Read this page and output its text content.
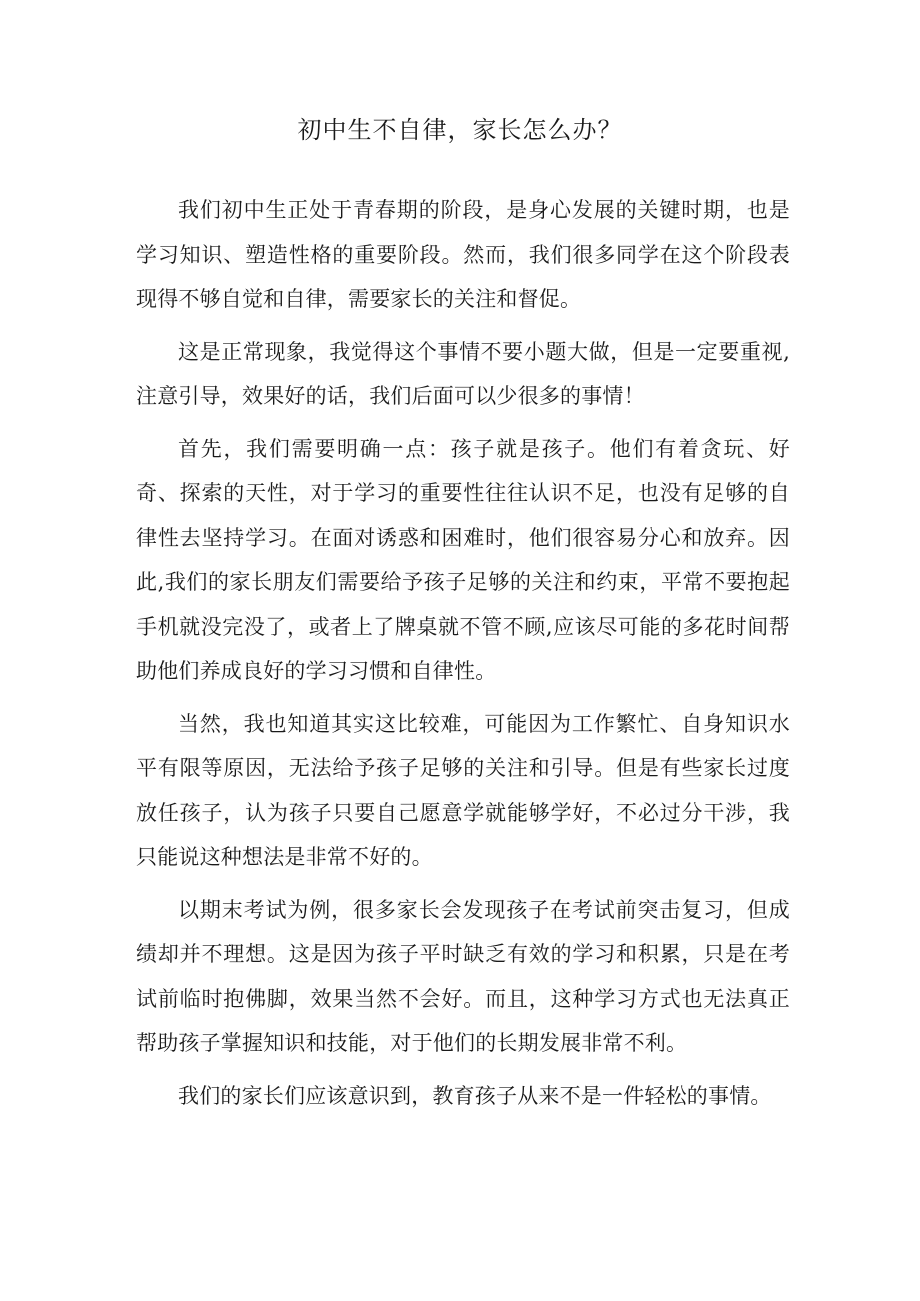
初中生不自律，家长怎么办？

我们初中生正处于青春期的阶段，是身心发展的关键时期，也是学习知识、塑造性格的重要阶段。然而，我们很多同学在这个阶段表现得不够自觉和自律，需要家长的关注和督促。

这是正常现象，我觉得这个事情不要小题大做，但是一定要重视,注意引导，效果好的话，我们后面可以少很多的事情！

首先，我们需要明确一点：孩子就是孩子。他们有着贪玩、好奇、探索的天性，对于学习的重要性往往认识不足，也没有足够的自律性去坚持学习。在面对诱惑和困难时，他们很容易分心和放弃。因此,我们的家长朋友们需要给予孩子足够的关注和约束，平常不要抱起手机就没完没了，或者上了牌桌就不管不顾,应该尽可能的多花时间帮助他们养成良好的学习习惯和自律性。

当然，我也知道其实这比较难，可能因为工作繁忙、自身知识水平有限等原因，无法给予孩子足够的关注和引导。但是有些家长过度放任孩子，认为孩子只要自己愿意学就能够学好，不必过分干涉，我只能说这种想法是非常不好的。

以期末考试为例，很多家长会发现孩子在考试前突击复习，但成绩却并不理想。这是因为孩子平时缺乏有效的学习和积累，只是在考试前临时抱佛脚，效果当然不会好。而且，这种学习方式也无法真正帮助孩子掌握知识和技能，对于他们的长期发展非常不利。

我们的家长们应该意识到，教育孩子从来不是一件轻松的事情。
